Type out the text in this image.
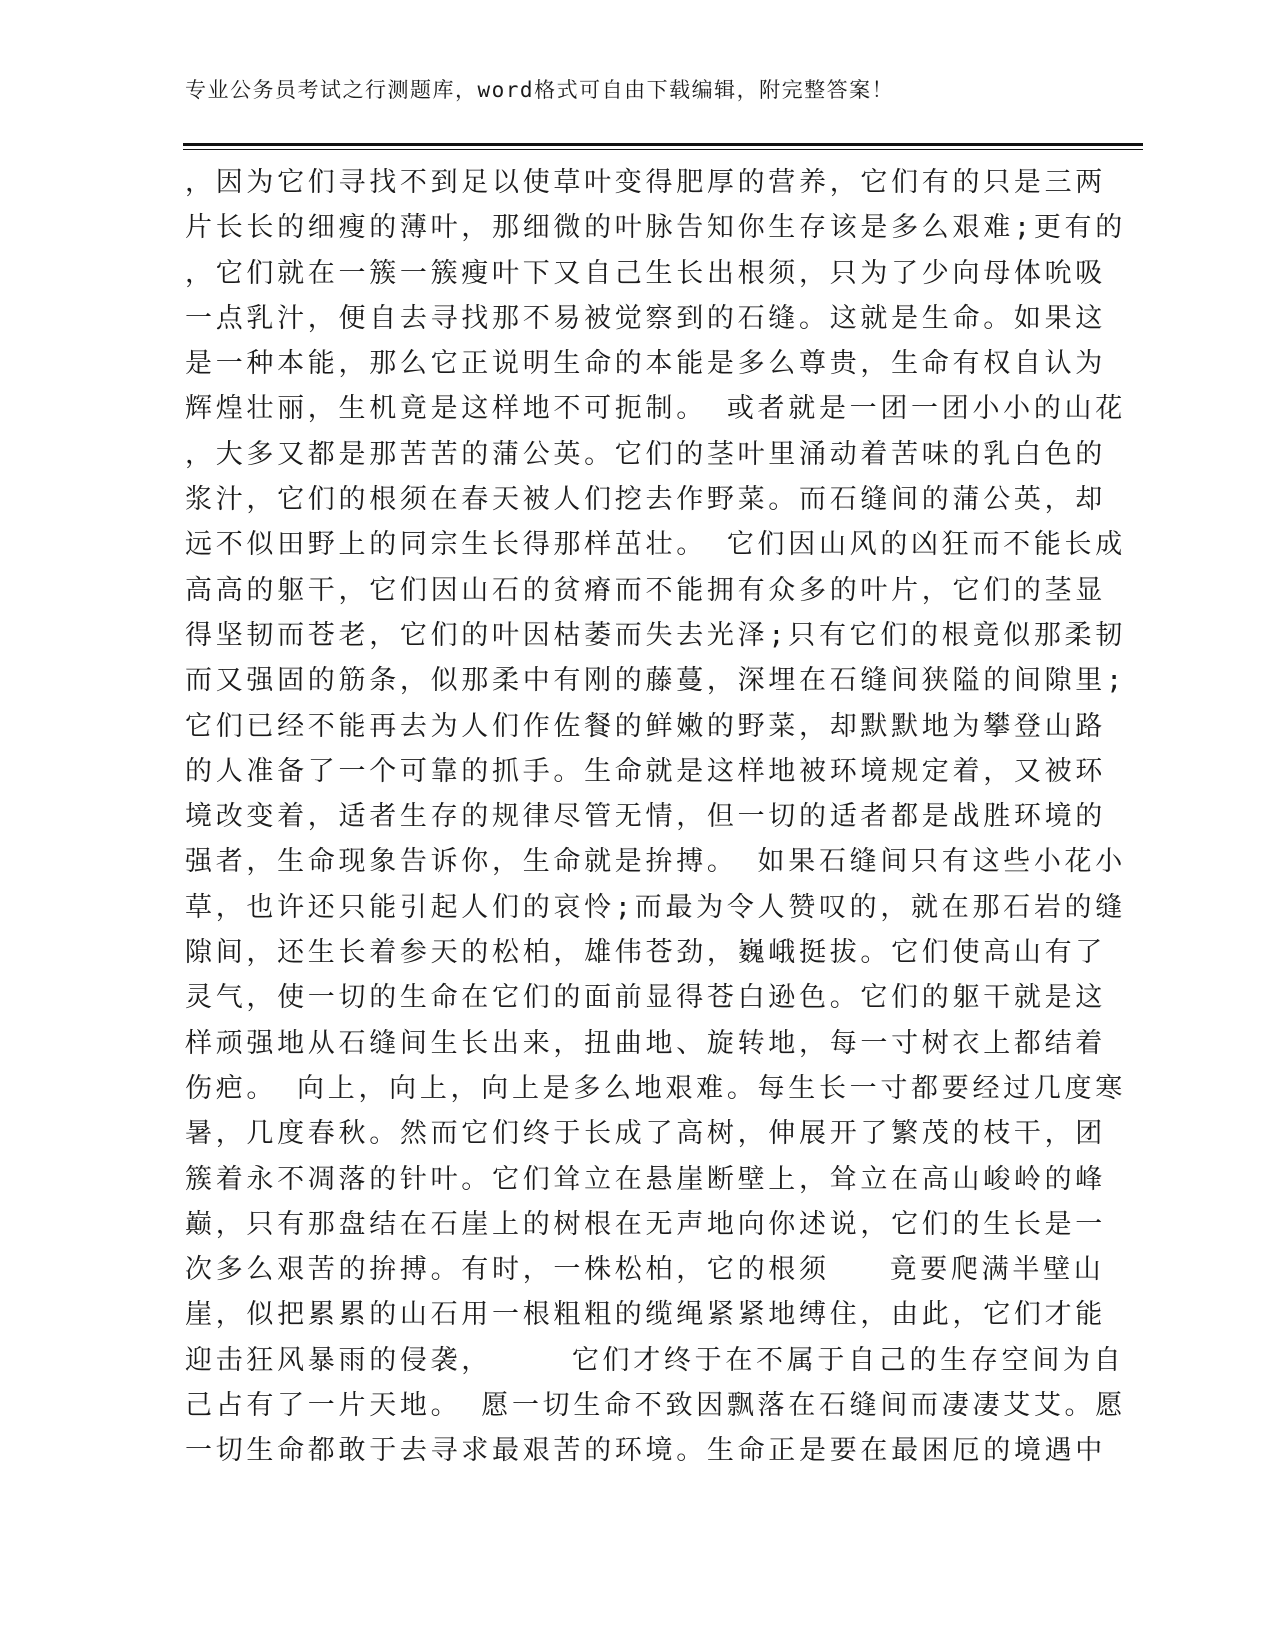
专业公务员考试之行测题库，word格式可自由下载编辑，附完整答案！
，因为它们寻找不到足以使草叶变得肥厚的营养，它们有的只是三两
片长长的细瘦的薄叶，那细微的叶脉告知你生存该是多么艰难;更有的
，它们就在一簇一簇瘦叶下又自己生长出根须，只为了少向母体吮吸
一点乳汁，便自去寻找那不易被觉察到的石缝。这就是生命。如果这
是一种本能，那么它正说明生命的本能是多么尊贵，生命有权自认为
辉煌壮丽，生机竟是这样地不可扼制。 或者就是一团一团小小的山花
，大多又都是那苦苦的蒲公英。它们的茎叶里涌动着苦味的乳白色的
浆汁，它们的根须在春天被人们挖去作野菜。而石缝间的蒲公英，却
远不似田野上的同宗生长得那样茁壮。 它们因山风的凶狂而不能长成
高高的躯干，它们因山石的贫瘠而不能拥有众多的叶片，它们的茎显
得坚韧而苍老，它们的叶因枯萎而失去光泽;只有它们的根竟似那柔韧
而又强固的筋条，似那柔中有刚的藤蔓，深埋在石缝间狭隘的间隙里;
它们已经不能再去为人们作佐餐的鲜嫩的野菜，却默默地为攀登山路
的人准备了一个可靠的抓手。生命就是这样地被环境规定着，又被环
境改变着，适者生存的规律尽管无情，但一切的适者都是战胜环境的
强者，生命现象告诉你，生命就是拚搏。 如果石缝间只有这些小花小
草，也许还只能引起人们的哀怜;而最为令人赞叹的，就在那石岩的缝
隙间，还生长着参天的松柏，雄伟苍劲，巍峨挺拔。它们使高山有了
灵气，使一切的生命在它们的面前显得苍白逊色。它们的躯干就是这
样顽强地从石缝间生长出来，扭曲地、旋转地，每一寸树衣上都结着
伤疤。 向上，向上，向上是多么地艰难。每生长一寸都要经过几度寒
暑，几度春秋。然而它们终于长成了高树，伸展开了繁茂的枝干，团
簇着永不凋落的针叶。它们耸立在悬崖断壁上，耸立在高山峻岭的峰
巅，只有那盘结在石崖上的树根在无声地向你述说，它们的生长是一
次多么艰苦的拚搏。有时，一株松柏，它的根须   竟要爬满半壁山
崖，似把累累的山石用一根粗粗的缆绳紧紧地缚住，由此，它们才能
迎击狂风暴雨的侵袭，    它们才终于在不属于自己的生存空间为自
己占有了一片天地。 愿一切生命不致因飘落在石缝间而凄凄艾艾。愿
一切生命都敢于去寻求最艰苦的环境。生命正是要在最困厄的境遇中
